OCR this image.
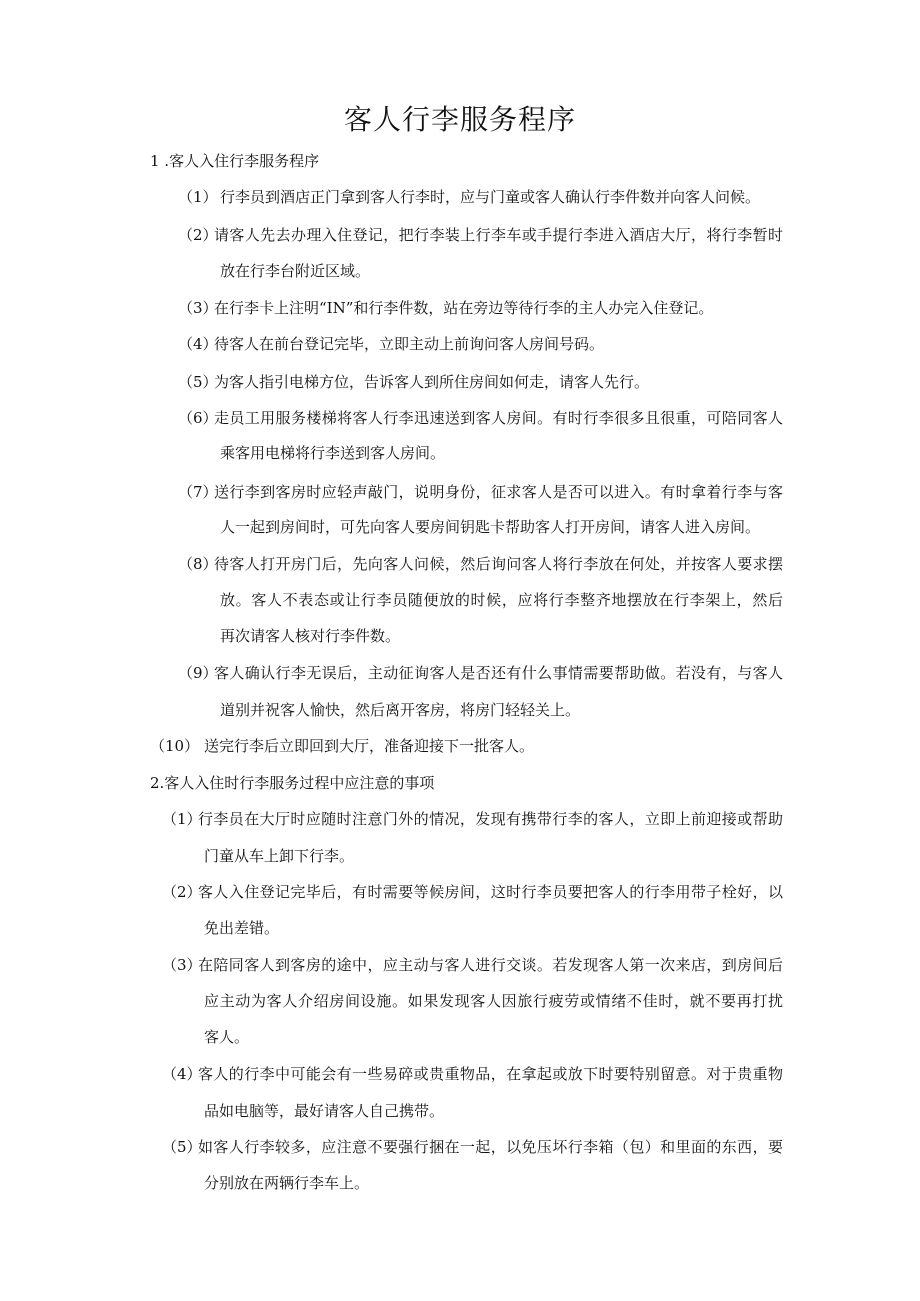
客人行李服务程序
1 .客人入住行李服务程序
（1） 行李员到酒店正门拿到客人行李时，应与门童或客人确认行李件数并向客人问候。
（2）
请客人先去办理入住登记，把行李装上行李车或手提行李进入酒店大厅，将行李暂时
放在行李台附近区域。
（3）
在行李卡上注明“IN”和行李件数，站在旁边等待行李的主人办完入住登记。
（4）
待客人在前台登记完毕，立即主动上前询问客人房间号码。
（5）
为客人指引电梯方位，告诉客人到所住房间如何走，请客人先行。
（6）
走员工用服务楼梯将客人行李迅速送到客人房间。有时行李很多且很重，可陪同客人
乘客用电梯将行李送到客人房间。
（7）
送行李到客房时应轻声敲门，说明身份，征求客人是否可以进入。有时拿着行李与客
人一起到房间时，可先向客人要房间钥匙卡帮助客人打开房间，请客人进入房间。
（8）
待客人打开房门后，先向客人问候，然后询问客人将行李放在何处，并按客人要求摆
放。客人不表态或让行李员随便放的时候，应将行李整齐地摆放在行李架上，然后
再次请客人核对行李件数。
（9）
客人确认行李无误后，主动征询客人是否还有什么事情需要帮助做。若没有，与客人
道别并祝客人愉快，然后离开客房，将房门轻轻关上。
（10） 送完行李后立即回到大厅，准备迎接下一批客人。
2.客人入住时行李服务过程中应注意的事项
（1）
行李员在大厅时应随时注意门外的情况，发现有携带行李的客人，立即上前迎接或帮助
门童从车上卸下行李。
（2）
客人入住登记完毕后，有时需要等候房间，这时行李员要把客人的行李用带子栓好，以
免出差错。
（3）
在陪同客人到客房的途中，应主动与客人进行交谈。若发现客人第一次来店，到房间后
应主动为客人介绍房间设施。如果发现客人因旅行疲劳或情绪不佳时，就不要再打扰
客人。
（4）
客人的行李中可能会有一些易碎或贵重物品，在拿起或放下时要特别留意。对于贵重物
品如电脑等，最好请客人自己携带。
（5）
如客人行李较多，应注意不要强行捆在一起，以免压坏行李箱（包）和里面的东西，要
分别放在两辆行李车上。
